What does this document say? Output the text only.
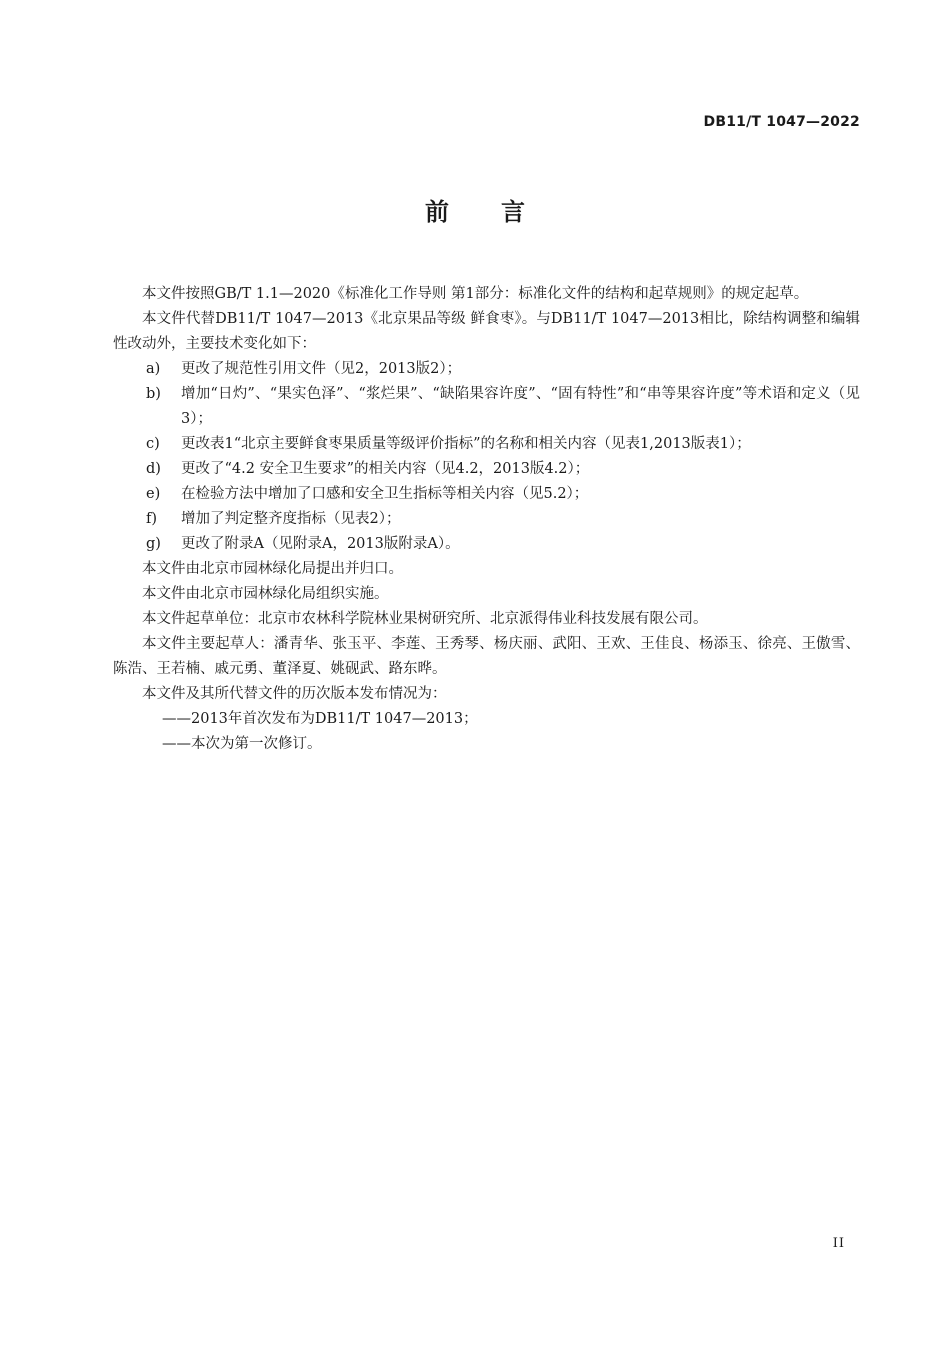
DB11/T 1047—2022
前 言

本文件按照GB/T 1.1—2020《标准化工作导则 第1部分：标准化文件的结构和起草规则》的规定起草。

本文件代替DB11/T 1047—2013《北京果品等级 鲜食枣》。与DB11/T 1047—2013相比，除结构调整和编辑性改动外，主要技术变化如下：

a)	更改了规范性引用文件（见2，2013版2）；
b)	增加“日灼”、“果实色泽”、“浆烂果”、“缺陷果容许度”、“固有特性”和“串等果容许度”等术语和定义（见3）；
c)	更改表1“北京主要鲜食枣果质量等级评价指标”的名称和相关内容（见表1,2013版表1）；
d)	更改了“4.2 安全卫生要求”的相关内容（见4.2，2013版4.2）；
e)	在检验方法中增加了口感和安全卫生指标等相关内容（见5.2）；
f)	增加了判定整齐度指标（见表2）；
g)	更改了附录A（见附录A，2013版附录A）。

本文件由北京市园林绿化局提出并归口。

本文件由北京市园林绿化局组织实施。

本文件起草单位：北京市农林科学院林业果树研究所、北京派得伟业科技发展有限公司。

本文件主要起草人：潘青华、张玉平、李莲、王秀琴、杨庆丽、武阳、王欢、王佳良、杨添玉、徐亮、王傲雪、陈浩、王若楠、戚元勇、董泽夏、姚砚武、路东晔。

本文件及其所代替文件的历次版本发布情况为：

——2013年首次发布为DB11/T 1047—2013；

——本次为第一次修订。

II
